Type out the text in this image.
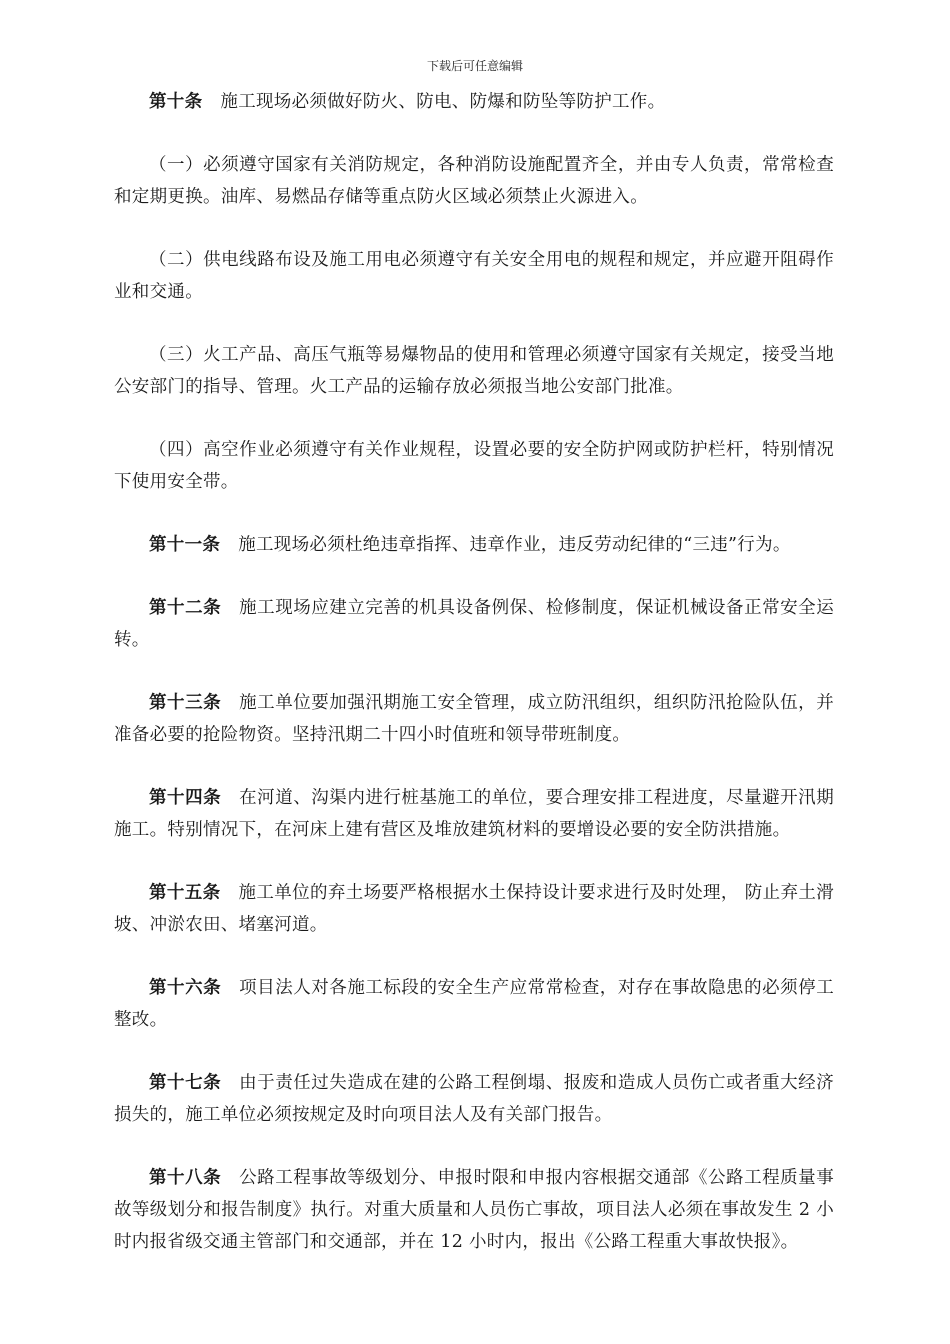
下载后可任意编辑

第十条 施工现场必须做好防火、防电、防爆和防坠等防护工作。

（一）必须遵守国家有关消防规定，各种消防设施配置齐全，并由专人负责，常常检查和定期更换。油库、易燃品存储等重点防火区域必须禁止火源进入。

（二）供电线路布设及施工用电必须遵守有关安全用电的规程和规定，并应避开阻碍作业和交通。

（三）火工产品、高压气瓶等易爆物品的使用和管理必须遵守国家有关规定，接受当地公安部门的指导、管理。火工产品的运输存放必须报当地公安部门批准。

（四）高空作业必须遵守有关作业规程，设置必要的安全防护网或防护栏杆，特别情况下使用安全带。

第十一条 施工现场必须杜绝违章指挥、违章作业，违反劳动纪律的“三违”行为。

第十二条 施工现场应建立完善的机具设备例保、检修制度，保证机械设备正常安全运转。

第十三条 施工单位要加强汛期施工安全管理，成立防汛组织，组织防汛抢险队伍，并准备必要的抢险物资。坚持汛期二十四小时值班和领导带班制度。

第十四条 在河道、沟渠内进行桩基施工的单位，要合理安排工程进度，尽量避开汛期施工。特别情况下，在河床上建有营区及堆放建筑材料的要增设必要的安全防洪措施。

第十五条 施工单位的弃土场要严格根据水土保持设计要求进行及时处理， 防止弃土滑坡、冲淤农田、堵塞河道。

第十六条 项目法人对各施工标段的安全生产应常常检查，对存在事故隐患的必须停工整改。

第十七条 由于责任过失造成在建的公路工程倒塌、报废和造成人员伤亡或者重大经济损失的，施工单位必须按规定及时向项目法人及有关部门报告。

第十八条 公路工程事故等级划分、申报时限和申报内容根据交通部《公路工程质量事故等级划分和报告制度》执行。对重大质量和人员伤亡事故，项目法人必须在事故发生 2 小时内报省级交通主管部门和交通部，并在 12 小时内，报出《公路工程重大事故快报》。
